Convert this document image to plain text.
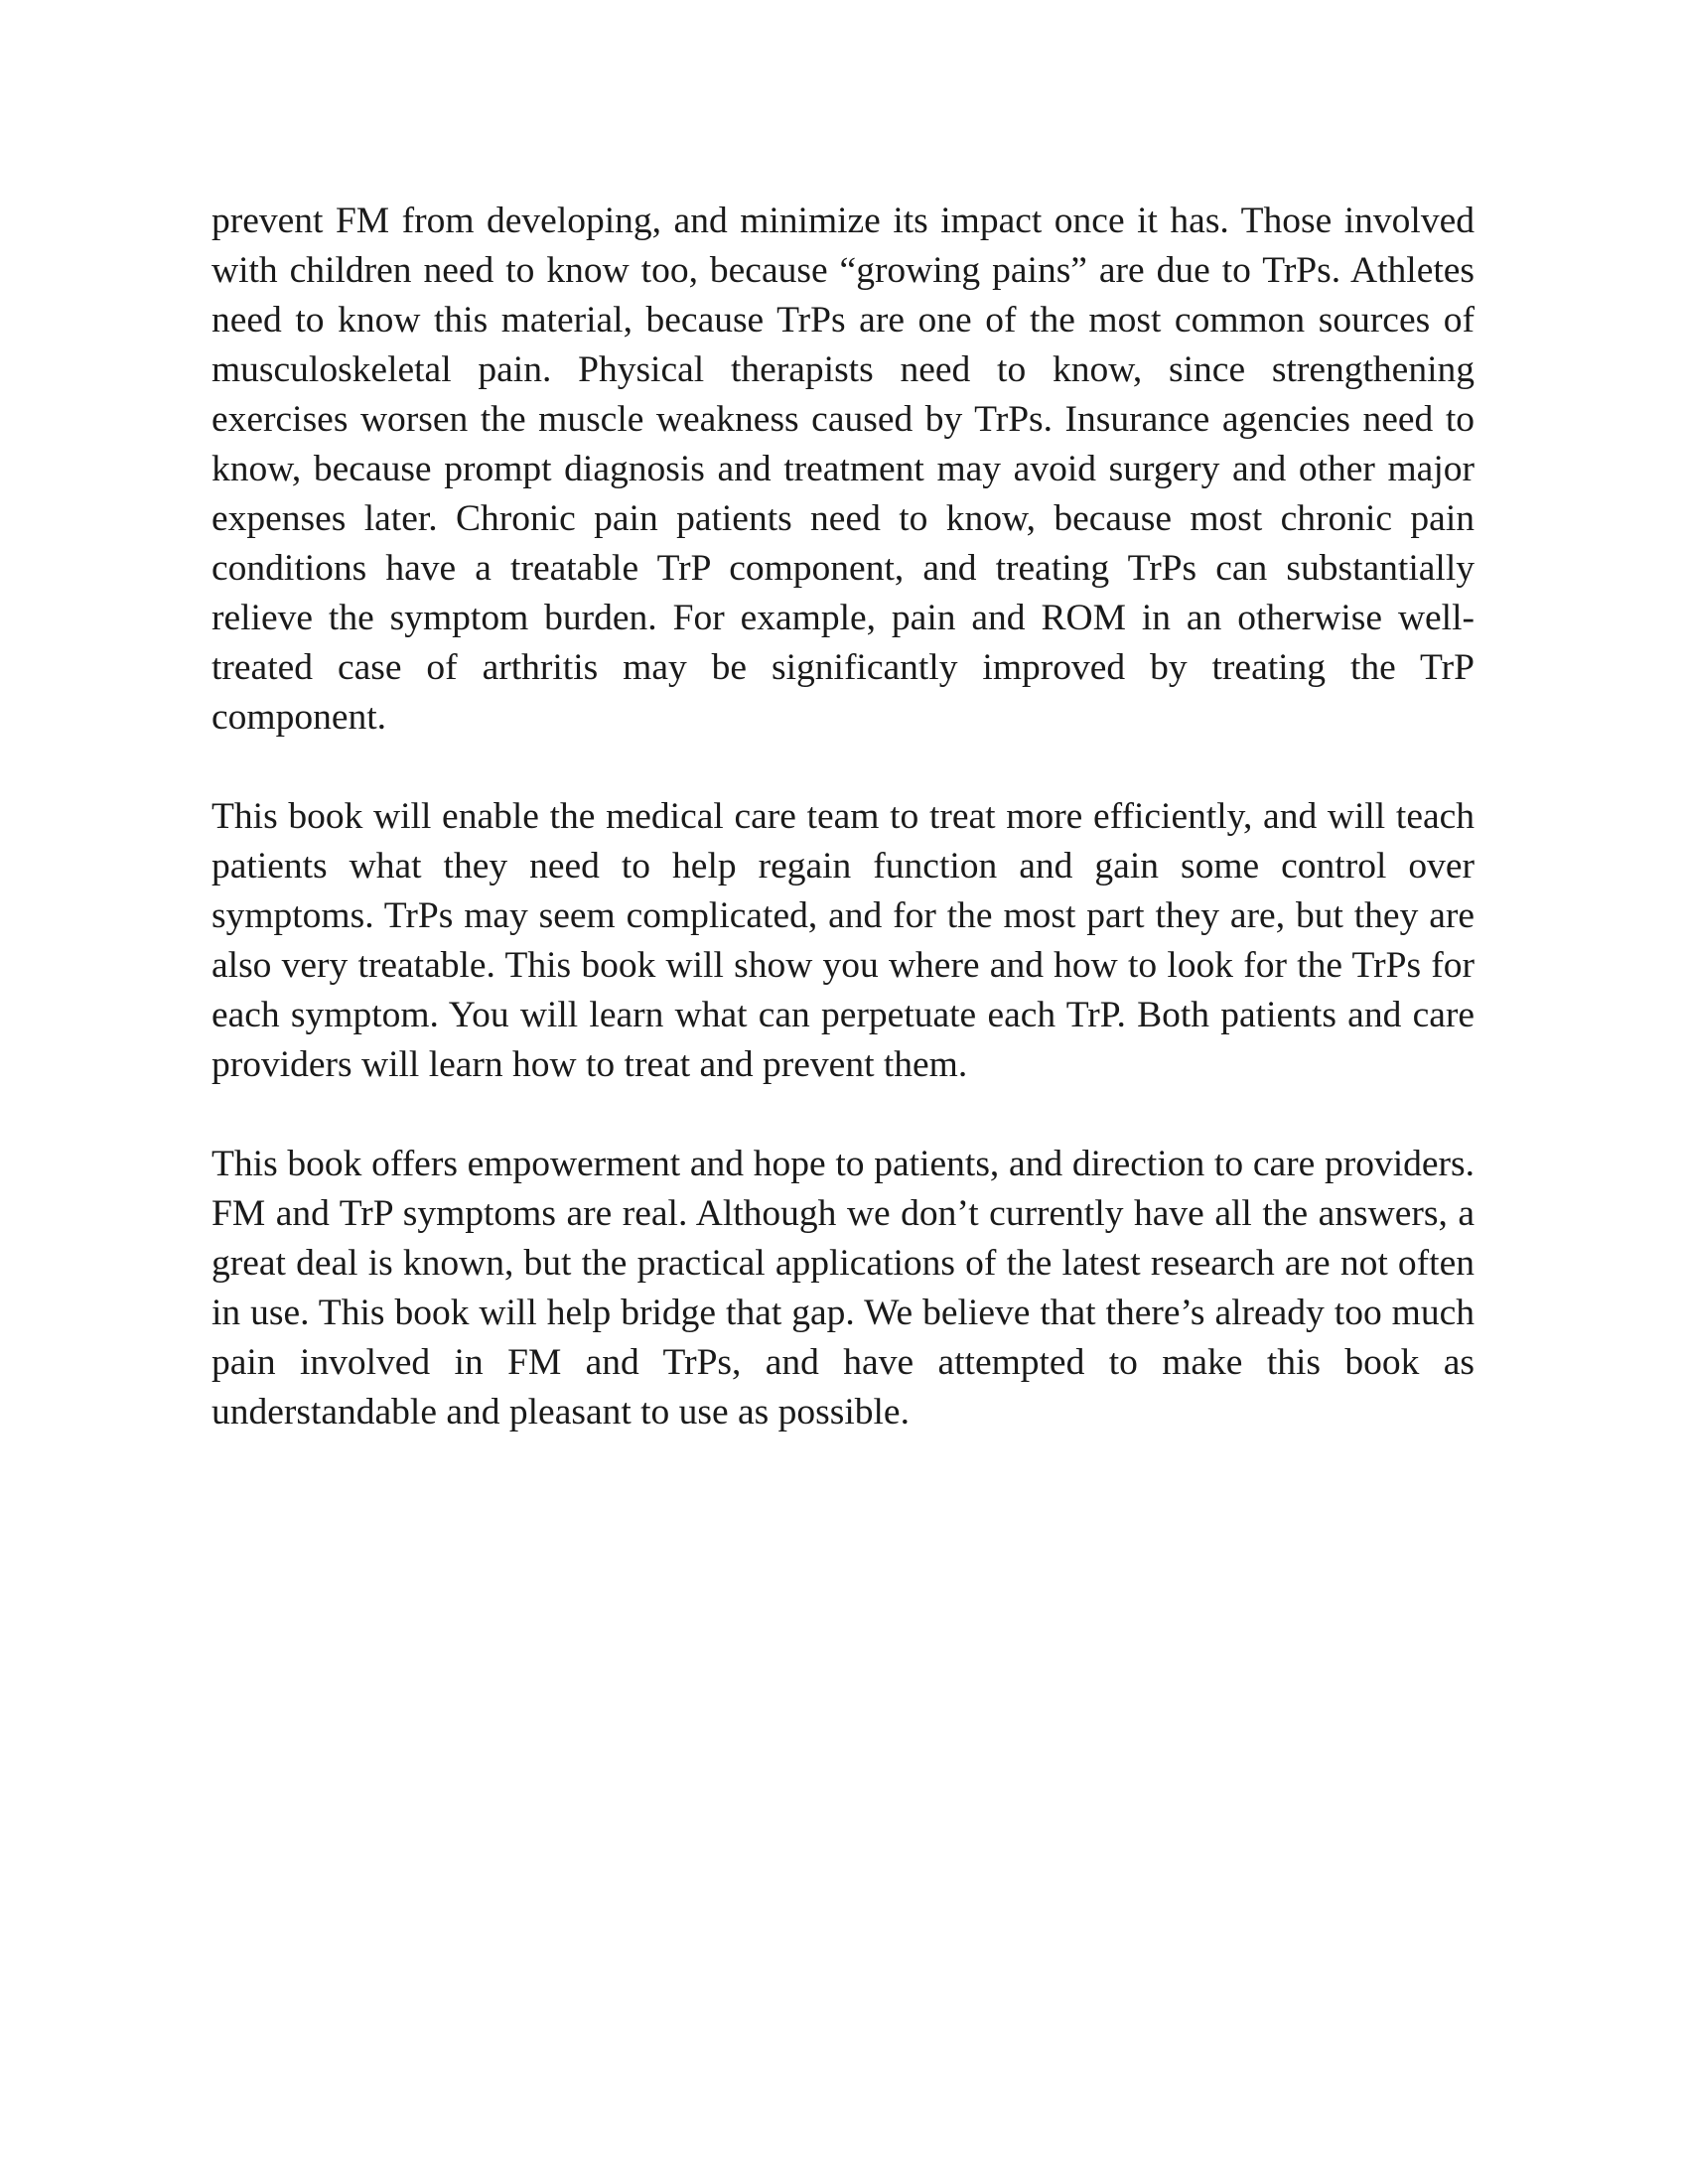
prevent FM from developing, and minimize its impact once it has. Those involved with children need to know too, because “growing pains” are due to TrPs. Athletes need to know this material, because TrPs are one of the most common sources of musculoskeletal pain. Physical therapists need to know, since strengthening exercises worsen the muscle weakness caused by TrPs. Insurance agencies need to know, because prompt diagnosis and treatment may avoid surgery and other major expenses later. Chronic pain patients need to know, because most chronic pain conditions have a treatable TrP component, and treating TrPs can substantially relieve the symptom burden. For example, pain and ROM in an otherwise well-treated case of arthritis may be significantly improved by treating the TrP component.

This book will enable the medical care team to treat more efficiently, and will teach patients what they need to help regain function and gain some control over symptoms. TrPs may seem complicated, and for the most part they are, but they are also very treatable. This book will show you where and how to look for the TrPs for each symptom. You will learn what can perpetuate each TrP. Both patients and care providers will learn how to treat and prevent them.

This book offers empowerment and hope to patients, and direction to care providers. FM and TrP symptoms are real. Although we don’t currently have all the answers, a great deal is known, but the practical applications of the latest research are not often in use. This book will help bridge that gap. We believe that there’s already too much pain involved in FM and TrPs, and have attempted to make this book as understandable and pleasant to use as possible.
